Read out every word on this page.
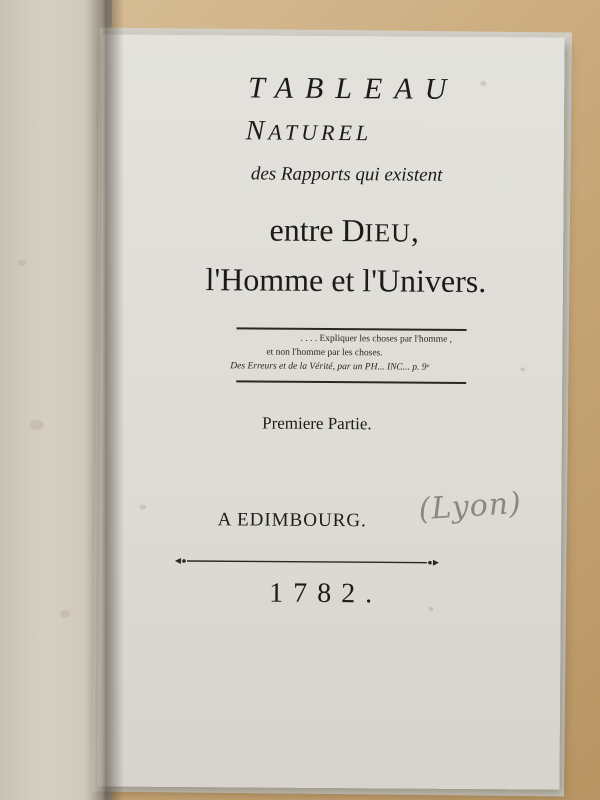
TABLEAU
NATUREL
des Rapports qui existent
entre DIEU,
l'Homme et l'Univers.
. . . . Expliquer les choses par l'homme ,
et non l'homme par les choses.
Des Erreurs et de la Vérité, par un PH... INC... p. 9ᵉ
Premiere Partie.
A EDIMBOURG.	(Lyon)
1782.
